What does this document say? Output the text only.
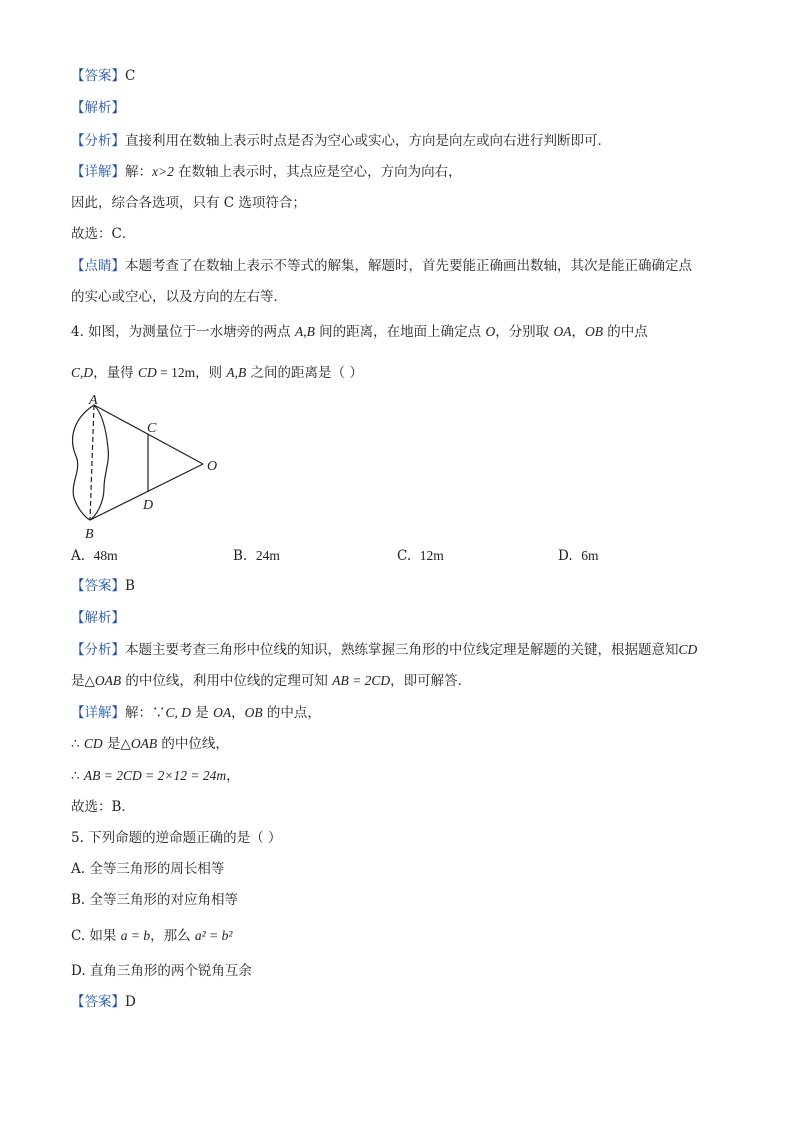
【答案】C
【解析】
【分析】直接利用在数轴上表示时点是否为空心或实心，方向是向左或向右进行判断即可．
【详解】解：x>2 在数轴上表示时，其点应是空心，方向为向右，
因此，综合各选项，只有 C 选项符合；
故选：C．
【点睛】本题考查了在数轴上表示不等式的解集，解题时，首先要能正确画出数轴，其次是能正确确定点
的实心或空心，以及方向的左右等．
4. 如图，为测量位于一水塘旁的两点 A,B 间的距离，在地面上确定点 O，分别取 OA，OB 的中点
C,D，量得 CD = 12m，则 A,B 之间的距离是（ ）
A
B
C
D
O
A. 48m	B. 24m	C. 12m	D. 6m
【答案】B
【解析】
【分析】本题主要考查三角形中位线的知识，熟练掌握三角形的中位线定理是解题的关键，根据题意知CD
是△OAB 的中位线，利用中位线的定理可知 AB = 2CD，即可解答．
【详解】解：∵C, D 是 OA，OB 的中点，
∴ CD 是△OAB 的中位线，
∴ AB = 2CD = 2×12 = 24m，
故选：B．
5. 下列命题的逆命题正确的是（ ）
A. 全等三角形的周长相等
B. 全等三角形的对应角相等
C. 如果 a = b，那么 a² = b²
D. 直角三角形的两个锐角互余
【答案】D
